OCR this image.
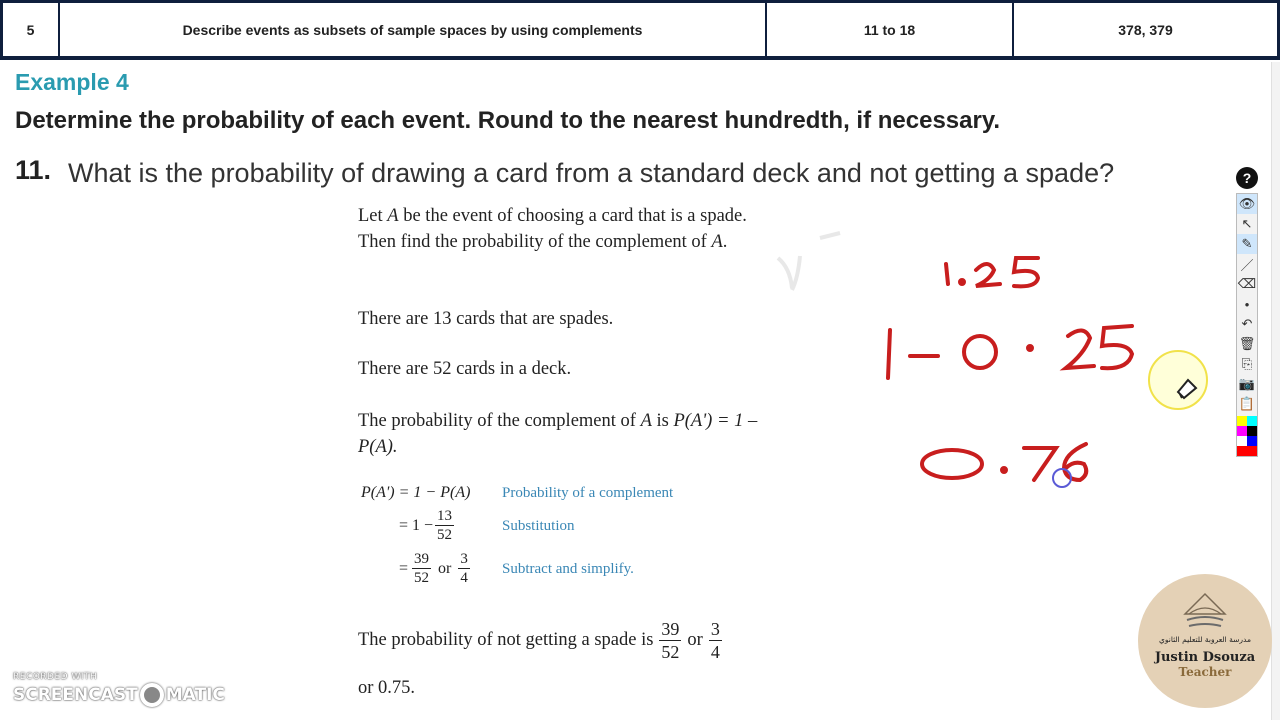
5	Describe events as subsets of sample spaces by using complements	11 to 18	378, 379
Example 4
Determine the probability of each event. Round to the nearest hundredth, if necessary.
11. What is the probability of drawing a card from a standard deck and not getting a spade?
Let A be the event of choosing a card that is a spade. Then find the probability of the complement of A.
There are 13 cards that are spades.
There are 52 cards in a deck.
The probability of the complement of A is P(A') = 1 – P(A).
P(A') = 1 − P(A) Probability of a complement
= $1 - \frac{13}{52}$	Substitution
= $\frac{39}{52}$ or $\frac{3}{4}$ Subtract and simplify.
The probability of not getting a spade is $\frac{39}{52}$ or $\frac{3}{4}$
or 0.75.
?
👁
↖
✎
／
⌫
•
↶
🗑
⎘
📷
📋
RECORDED WITH
SCREENCAST MATIC
مدرسة العروبة للتعليم الثانوي
Justin Dsouza
Teacher
